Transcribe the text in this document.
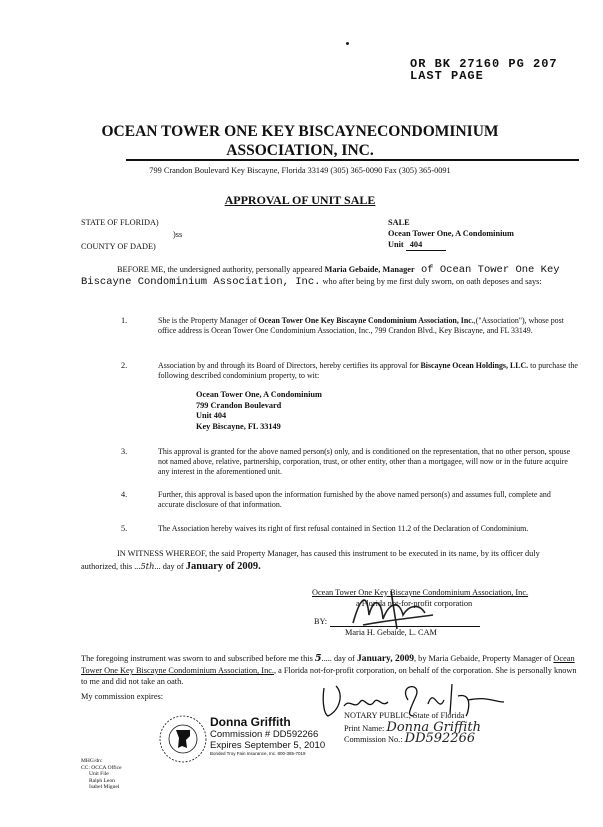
OR BK 27160 PG 207
LAST PAGE
OCEAN TOWER ONE KEY BISCAYNECONDOMINIUM
ASSOCIATION, INC.
799 Crandon Boulevard Key Biscayne, Florida 33149 (305) 365-0090 Fax (305) 365-0091
APPROVAL OF UNIT SALE
STATE OF FLORIDA)
)ss
COUNTY OF DADE)
SALE
Ocean Tower One, A Condominium
Unit 404
BEFORE ME, the undersigned authority, personally appeared Maria Gebaide, Manager of Ocean Tower One Key Biscayne Condominium Association, Inc. who after being by me first duly sworn, on oath deposes and says:
1.	She is the Property Manager of Ocean Tower One Key Biscayne Condominium Association, Inc.,("Association"), whose post office address is Ocean Tower One Condominium Association, Inc., 799 Crandon Blvd., Key Biscayne, and FL 33149.
2.	Association by and through its Board of Directors, hereby certifies its approval for Biscayne Ocean Holdings, LLC. to purchase the following described condominium property, to wit:
Ocean Tower One, A Condominium
799 Crandon Boulevard
Unit 404
Key Biscayne, FL 33149
3.	This approval is granted for the above named person(s) only, and is conditioned on the representation, that no other person, spouse not named above, relative, partnership, corporation, trust, or other entity, other than a mortgagee, will now or in the future acquire any interest in the aforementioned unit.
4.	Further, this approval is based upon the information furnished by the above named person(s) and assumes full, complete and accurate disclosure of that information.
5.	The Association hereby waives its right of first refusal contained in Section 11.2 of the Declaration of Condominium.
IN WITNESS WHEREOF, the said Property Manager, has caused this instrument to be executed in its name, by its officer duly authorized, this ...5th... day of January of 2009.
Ocean Tower One Key Biscayne Condominium Association, Inc.
a Florida not-for-profit corporation
BY:
Maria H. Gebaide, L. CAM
The foregoing instrument was sworn to and subscribed before me this 5..... day of January, 2009, by Maria Gebaide, Property Manager of Ocean Tower One Key Biscayne Condominium Association, Inc., a Florida not-for-profit corporation, on behalf of the corporation. She is personally known to me and did not take an oath.
My commission expires:
Donna Griffith
Commission # DD592266
Expires September 5, 2010
Bonded Troy Fain Insurance, Inc. 800-385-7019
NOTARY PUBLIC, State of Florida
Print Name: Donna Griffith
Commission No.: DD592266
MHG/drc
CC: OCCA Office
Unit File
Ralph Leon
Isabel Miguel
